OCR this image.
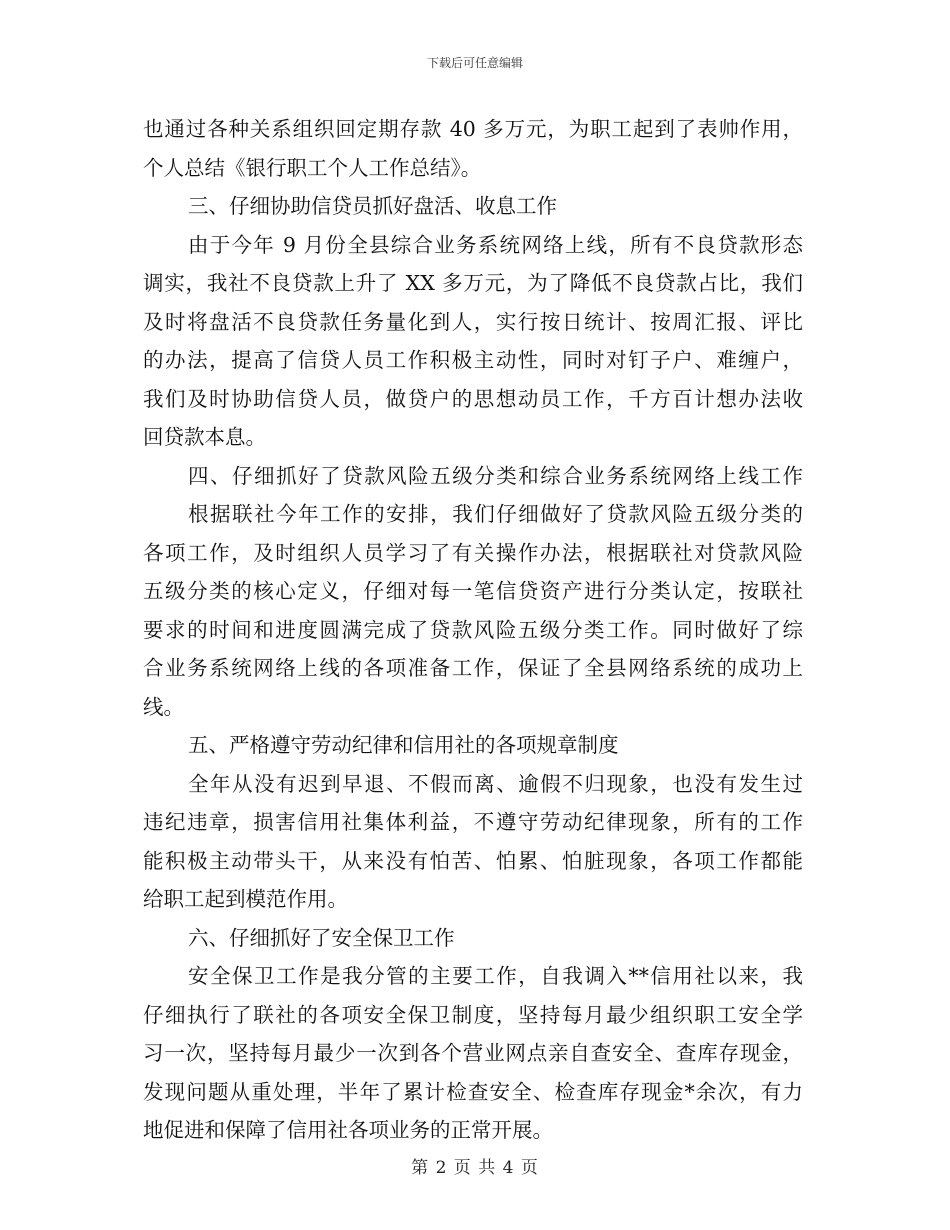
下载后可任意编辑
也通过各种关系组织回定期存款 40 多万元，为职工起到了表帅作用，
个人总结《银行职工个人工作总结》。
三、仔细协助信贷员抓好盘活、收息工作
由于今年 9 月份全县综合业务系统网络上线，所有不良贷款形态
调实，我社不良贷款上升了 XX 多万元，为了降低不良贷款占比，我们
及时将盘活不良贷款任务量化到人，实行按日统计、按周汇报、评比
的办法，提高了信贷人员工作积极主动性，同时对钉子户、难缠户，
我们及时协助信贷人员，做贷户的思想动员工作，千方百计想办法收
回贷款本息。
四、仔细抓好了贷款风险五级分类和综合业务系统网络上线工作
根据联社今年工作的安排，我们仔细做好了贷款风险五级分类的
各项工作，及时组织人员学习了有关操作办法，根据联社对贷款风险
五级分类的核心定义，仔细对每一笔信贷资产进行分类认定，按联社
要求的时间和进度圆满完成了贷款风险五级分类工作。同时做好了综
合业务系统网络上线的各项准备工作，保证了全县网络系统的成功上
线。
五、严格遵守劳动纪律和信用社的各项规章制度
全年从没有迟到早退、不假而离、逾假不归现象，也没有发生过
违纪违章，损害信用社集体利益，不遵守劳动纪律现象，所有的工作
能积极主动带头干，从来没有怕苦、怕累、怕脏现象，各项工作都能
给职工起到模范作用。
六、仔细抓好了安全保卫工作
安全保卫工作是我分管的主要工作，自我调入**信用社以来，我
仔细执行了联社的各项安全保卫制度，坚持每月最少组织职工安全学
习一次，坚持每月最少一次到各个营业网点亲自查安全、查库存现金，
发现问题从重处理，半年了累计检查安全、检查库存现金*余次，有力
地促进和保障了信用社各项业务的正常开展。
第 2 页 共 4 页
